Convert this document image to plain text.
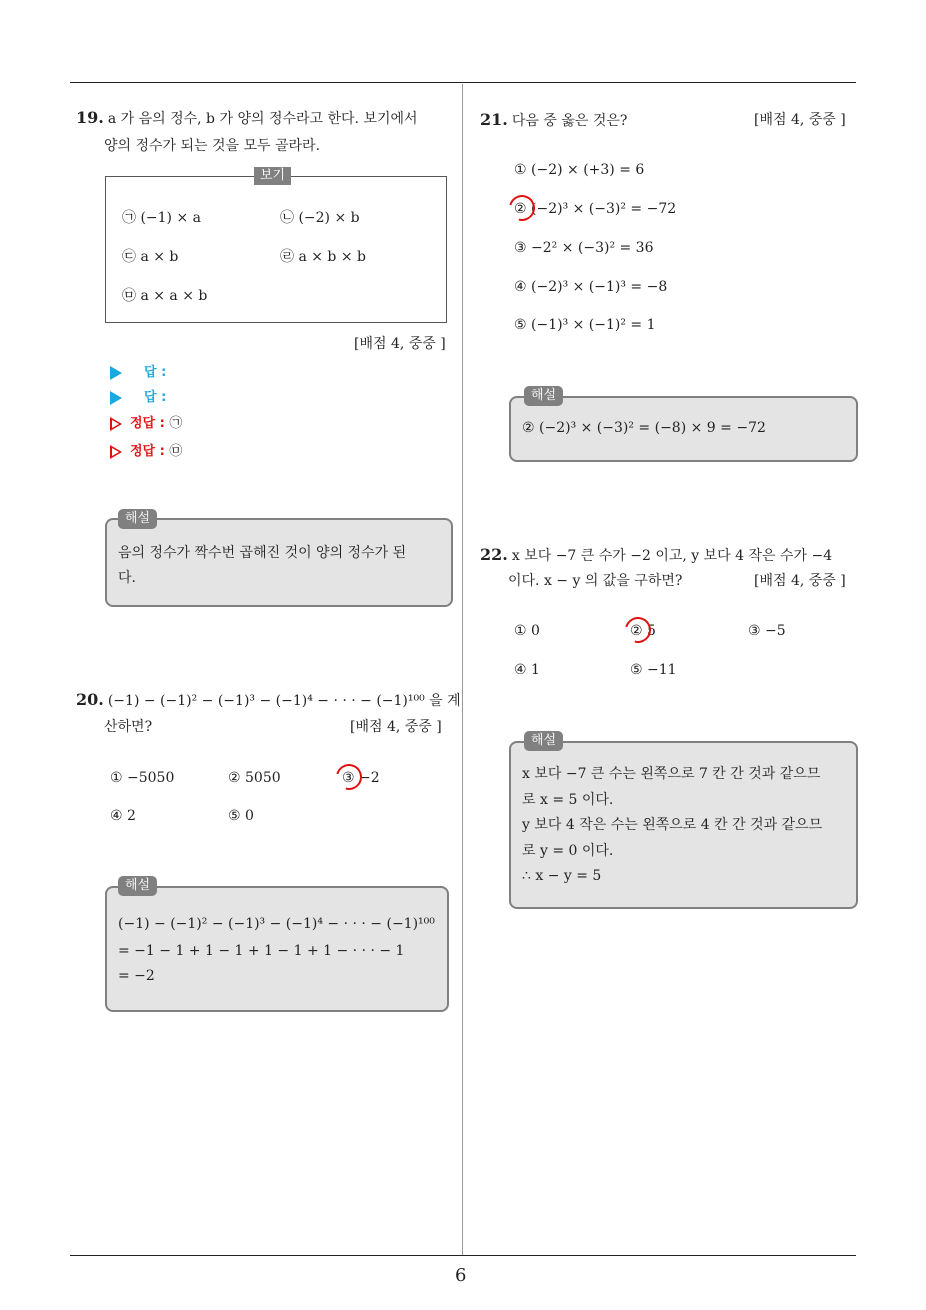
6
19. a 가 음의 정수, b 가 양의 정수라고 한다. 보기에서
양의 정수가 되는 것을 모두 골라라.
보기
㉠ (−1) × a	㉡ (−2) × b
㉢ a × b	㉣ a × b × b
㉤ a × a × b
[배점 4, 중중 ]
답 :
답 :
정답 : ㉠
정답 : ㉤
해설
음의 정수가 짝수번 곱해진 것이 양의 정수가 된
다.
20. (−1) − (−1)² − (−1)³ − (−1)⁴ − · · · − (−1)¹⁰⁰ 을 계
산하면?	[배점 4, 중중 ]
① −5050	② 5050	③ −2
④ 2	⑤ 0
해설
(−1) − (−1)² − (−1)³ − (−1)⁴ − · · · − (−1)¹⁰⁰
= −1 − 1 + 1 − 1 + 1 − 1 + 1 − · · · − 1
= −2
21. 다음 중 옳은 것은?	[배점 4, 중중 ]
① (−2) × (+3) = 6
② (−2)³ × (−3)² = −72
③ −2² × (−3)² = 36
④ (−2)³ × (−1)³ = −8
⑤ (−1)³ × (−1)² = 1
해설
② (−2)³ × (−3)² = (−8) × 9 = −72
22. x 보다 −7 큰 수가 −2 이고, y 보다 4 작은 수가 −4
이다. x − y 의 값을 구하면?	[배점 4, 중중 ]
① 0	② 5	③ −5
④ 1	⑤ −11
해설
x 보다 −7 큰 수는 왼쪽으로 7 칸 간 것과 같으므
로 x = 5 이다.
y 보다 4 작은 수는 왼쪽으로 4 칸 간 것과 같으므
로 y = 0 이다.
∴ x − y = 5
